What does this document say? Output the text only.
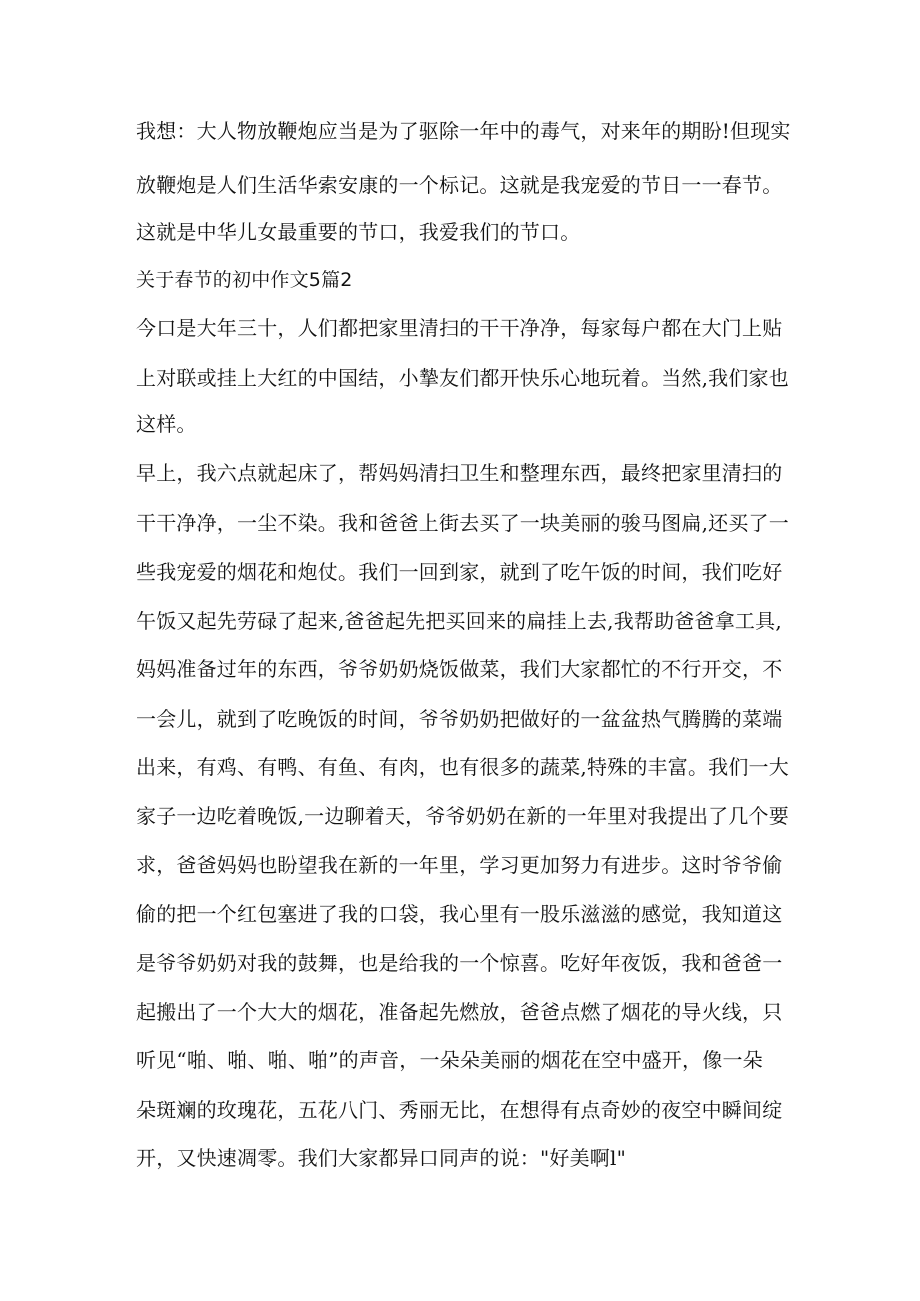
我想：大人物放鞭炮应当是为了驱除一年中的毒气，对来年的期盼!但现实
放鞭炮是人们生活华索安康的一个标记。这就是我宠爱的节日一一春节。
这就是中华儿女最重要的节口，我爱我们的节口。
关于春节的初中作文5篇2
今口是大年三十，人们都把家里清扫的干干净净，每家每户都在大门上贴
上对联或挂上大红的中国结，小摯友们都开快乐心地玩着。当然,我们家也
这样。
早上，我六点就起床了，帮妈妈清扫卫生和整理东西，最终把家里清扫的
干干净净，一尘不染。我和爸爸上街去买了一块美丽的骏马图扁,还买了一
些我宠爱的烟花和炮仗。我们一回到家，就到了吃午饭的时间，我们吃好
午饭又起先劳碌了起来,爸爸起先把买回来的扁挂上去,我帮助爸爸拿工具,
妈妈准备过年的东西，爷爷奶奶烧饭做菜，我们大家都忙的不行开交，不
一会儿，就到了吃晚饭的时间，爷爷奶奶把做好的一盆盆热气腾腾的菜端
出来，有鸡、有鸭、有鱼、有肉，也有很多的蔬菜,特殊的丰富。我们一大
家子一边吃着晚饭,一边聊着天，爷爷奶奶在新的一年里对我提出了几个要
求，爸爸妈妈也盼望我在新的一年里，学习更加努力有进步。这时爷爷偷
偷的把一个红包塞进了我的口袋，我心里有一股乐滋滋的感觉，我知道这
是爷爷奶奶对我的鼓舞，也是给我的一个惊喜。吃好年夜饭，我和爸爸一
起搬出了一个大大的烟花，准备起先燃放，爸爸点燃了烟花的导火线，只
听见“啪、啪、啪、啪”的声音，一朵朵美丽的烟花在空中盛开，像一朵
朵斑斓的玫瑰花，五花八门、秀丽无比，在想得有点奇妙的夜空中瞬间绽
开，又快速凋零。我们大家都异口同声的说："好美啊l"
